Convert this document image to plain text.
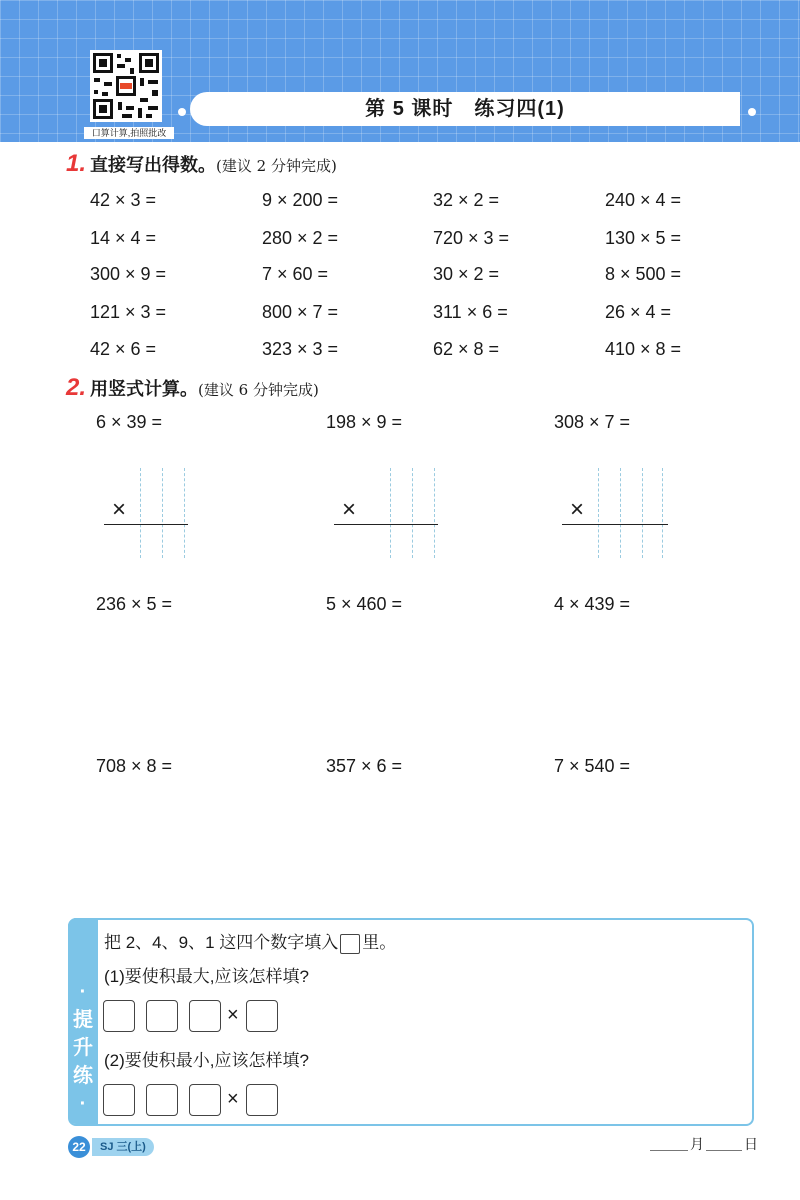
口算计算,拍照批改
第 5 课时　练习四(1)
1. 直接写出得数。(建议 2 分钟完成)
42 × 3 =	9 × 200 =	32 × 2 =	240 × 4 =
14 × 4 =	280 × 2 =	720 × 3 =	130 × 5 =
300 × 9 =	7 × 60 =	30 × 2 =	8 × 500 =
121 × 3 =	800 × 7 =	311 × 6 =	26 × 4 =
42 × 6 =	323 × 3 =	62 × 8 =	410 × 8 =
2. 用竖式计算。(建议 6 分钟完成)
6 × 39 =	198 × 9 =	308 × 7 =
×	×	×
236 × 5 =	5 × 460 =	4 × 439 =
708 × 8 =	357 × 6 =	7 × 540 =
·
提
升
练
·
把 2、4、9、1 这四个数字填入 里。
(1)要使积最大,应该怎样填?
×
(2)要使积最小,应该怎样填?
×
22	SJ 三(上)	月	日
